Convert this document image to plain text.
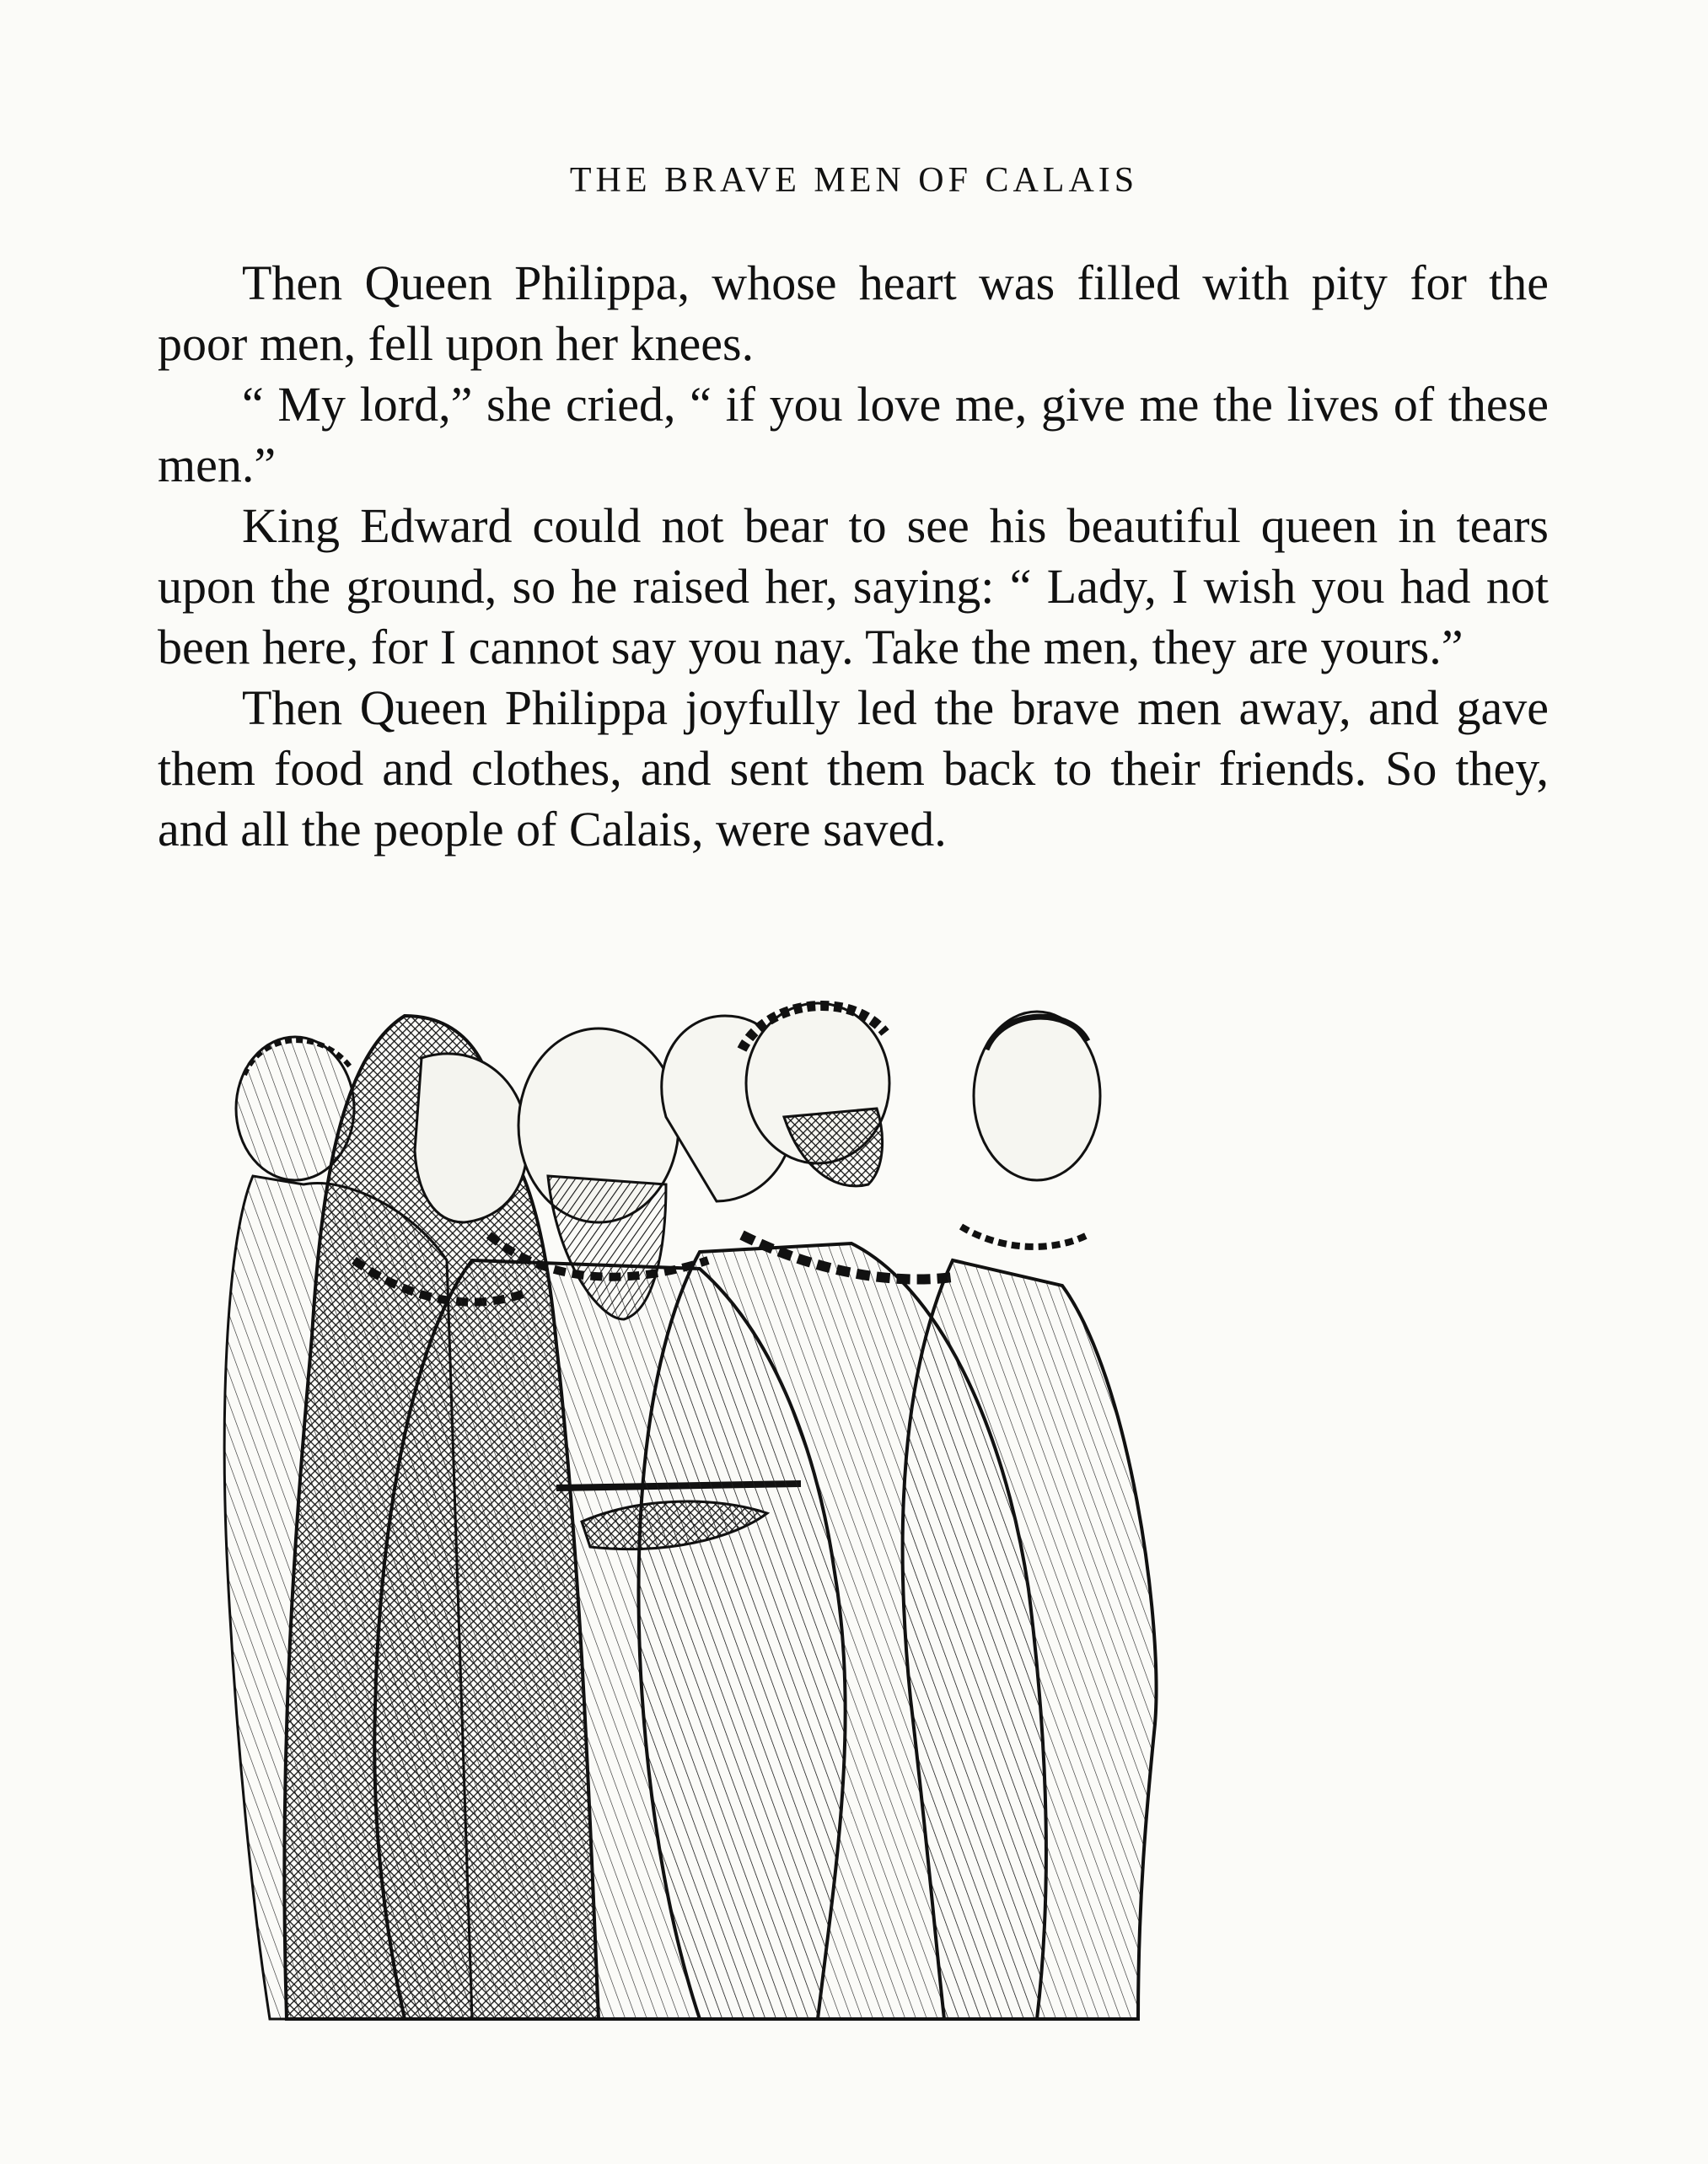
THE BRAVE MEN OF CALAIS

Then Queen Philippa, whose heart was filled with pity for the poor men, fell upon her knees.

“ My lord,” she cried, “ if you love me, give me the lives of these men.”

King Edward could not bear to see his beautiful queen in tears upon the ground, so he raised her, saying: “ Lady, I wish you had not been here, for I cannot say you nay. Take the men, they are yours.”

Then Queen Philippa joyfully led the brave men away, and gave them food and clothes, and sent them back to their friends. So they, and all the people of Calais, were saved.
